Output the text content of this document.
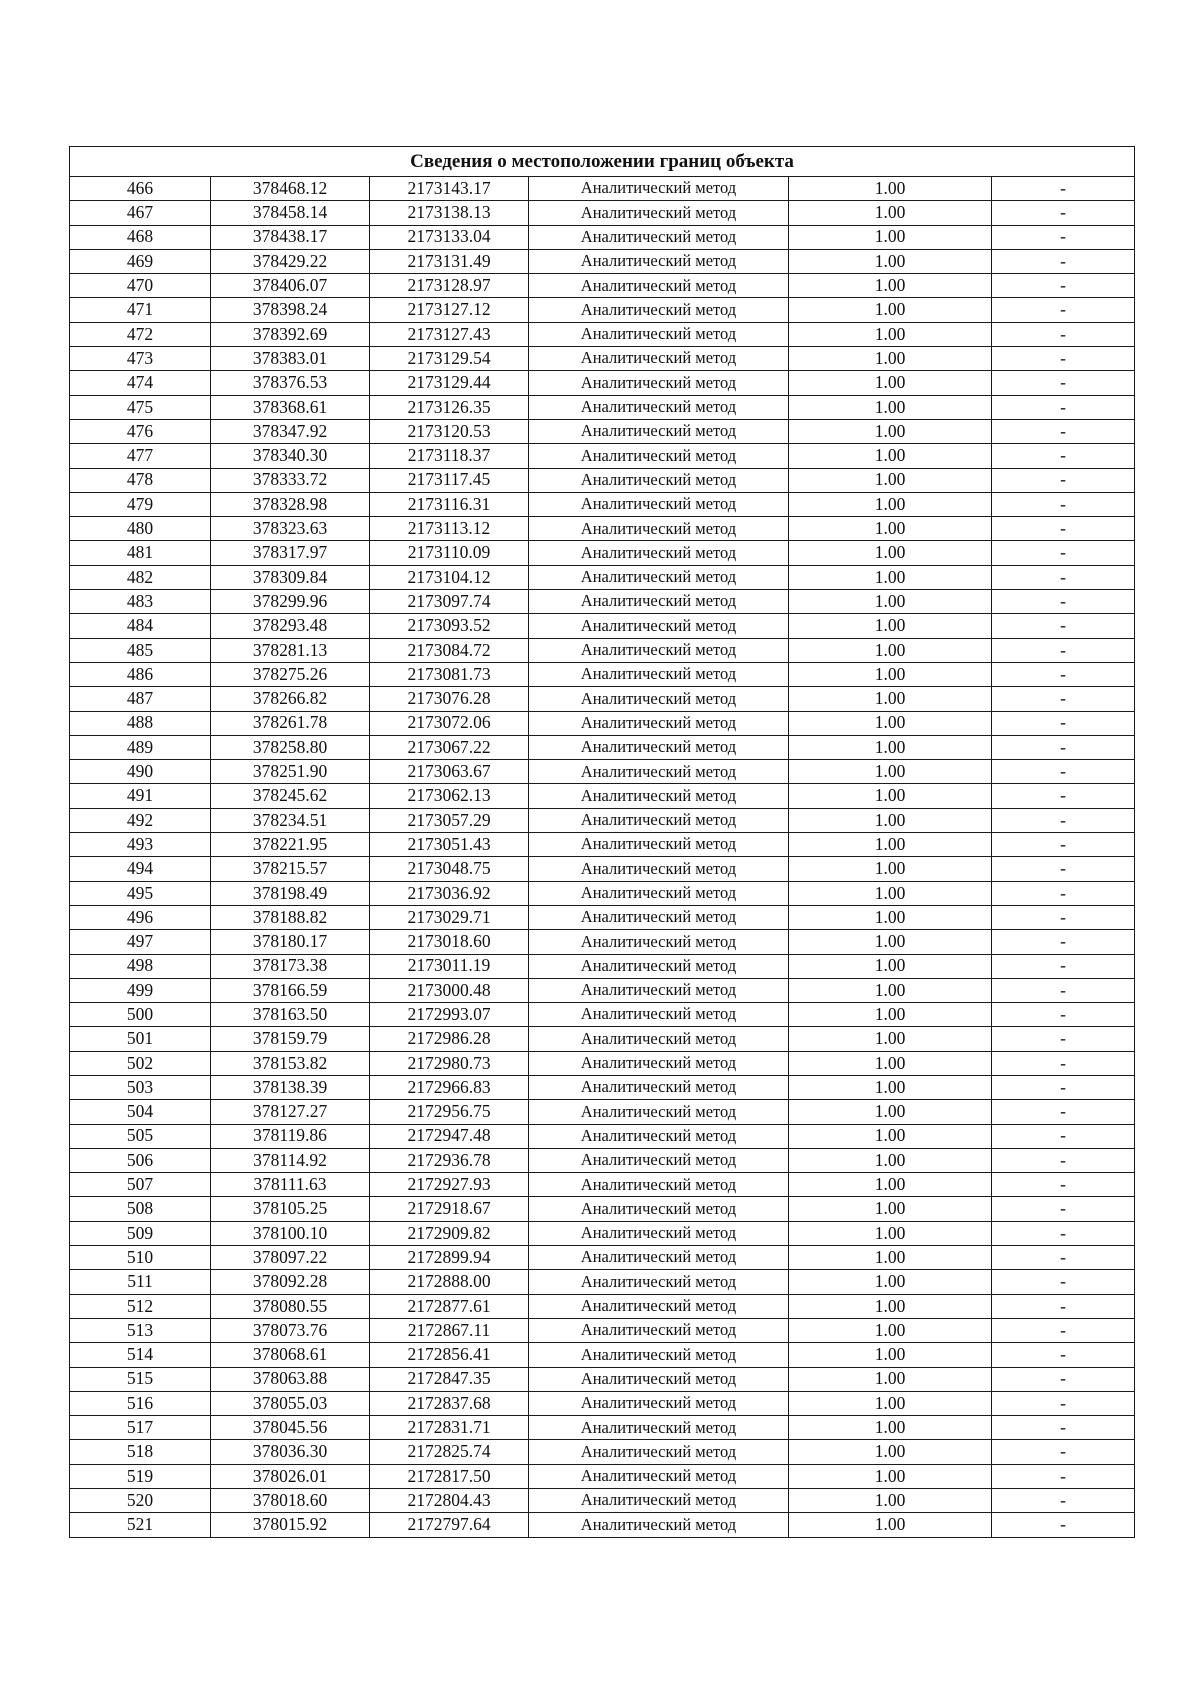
Сведения о местоположении границ объекта					
466	378468.12	2173143.17	Аналитический метод	1.00	-
467	378458.14	2173138.13	Аналитический метод	1.00	-
468	378438.17	2173133.04	Аналитический метод	1.00	-
469	378429.22	2173131.49	Аналитический метод	1.00	-
470	378406.07	2173128.97	Аналитический метод	1.00	-
471	378398.24	2173127.12	Аналитический метод	1.00	-
472	378392.69	2173127.43	Аналитический метод	1.00	-
473	378383.01	2173129.54	Аналитический метод	1.00	-
474	378376.53	2173129.44	Аналитический метод	1.00	-
475	378368.61	2173126.35	Аналитический метод	1.00	-
476	378347.92	2173120.53	Аналитический метод	1.00	-
477	378340.30	2173118.37	Аналитический метод	1.00	-
478	378333.72	2173117.45	Аналитический метод	1.00	-
479	378328.98	2173116.31	Аналитический метод	1.00	-
480	378323.63	2173113.12	Аналитический метод	1.00	-
481	378317.97	2173110.09	Аналитический метод	1.00	-
482	378309.84	2173104.12	Аналитический метод	1.00	-
483	378299.96	2173097.74	Аналитический метод	1.00	-
484	378293.48	2173093.52	Аналитический метод	1.00	-
485	378281.13	2173084.72	Аналитический метод	1.00	-
486	378275.26	2173081.73	Аналитический метод	1.00	-
487	378266.82	2173076.28	Аналитический метод	1.00	-
488	378261.78	2173072.06	Аналитический метод	1.00	-
489	378258.80	2173067.22	Аналитический метод	1.00	-
490	378251.90	2173063.67	Аналитический метод	1.00	-
491	378245.62	2173062.13	Аналитический метод	1.00	-
492	378234.51	2173057.29	Аналитический метод	1.00	-
493	378221.95	2173051.43	Аналитический метод	1.00	-
494	378215.57	2173048.75	Аналитический метод	1.00	-
495	378198.49	2173036.92	Аналитический метод	1.00	-
496	378188.82	2173029.71	Аналитический метод	1.00	-
497	378180.17	2173018.60	Аналитический метод	1.00	-
498	378173.38	2173011.19	Аналитический метод	1.00	-
499	378166.59	2173000.48	Аналитический метод	1.00	-
500	378163.50	2172993.07	Аналитический метод	1.00	-
501	378159.79	2172986.28	Аналитический метод	1.00	-
502	378153.82	2172980.73	Аналитический метод	1.00	-
503	378138.39	2172966.83	Аналитический метод	1.00	-
504	378127.27	2172956.75	Аналитический метод	1.00	-
505	378119.86	2172947.48	Аналитический метод	1.00	-
506	378114.92	2172936.78	Аналитический метод	1.00	-
507	378111.63	2172927.93	Аналитический метод	1.00	-
508	378105.25	2172918.67	Аналитический метод	1.00	-
509	378100.10	2172909.82	Аналитический метод	1.00	-
510	378097.22	2172899.94	Аналитический метод	1.00	-
511	378092.28	2172888.00	Аналитический метод	1.00	-
512	378080.55	2172877.61	Аналитический метод	1.00	-
513	378073.76	2172867.11	Аналитический метод	1.00	-
514	378068.61	2172856.41	Аналитический метод	1.00	-
515	378063.88	2172847.35	Аналитический метод	1.00	-
516	378055.03	2172837.68	Аналитический метод	1.00	-
517	378045.56	2172831.71	Аналитический метод	1.00	-
518	378036.30	2172825.74	Аналитический метод	1.00	-
519	378026.01	2172817.50	Аналитический метод	1.00	-
520	378018.60	2172804.43	Аналитический метод	1.00	-
521	378015.92	2172797.64	Аналитический метод	1.00	-
